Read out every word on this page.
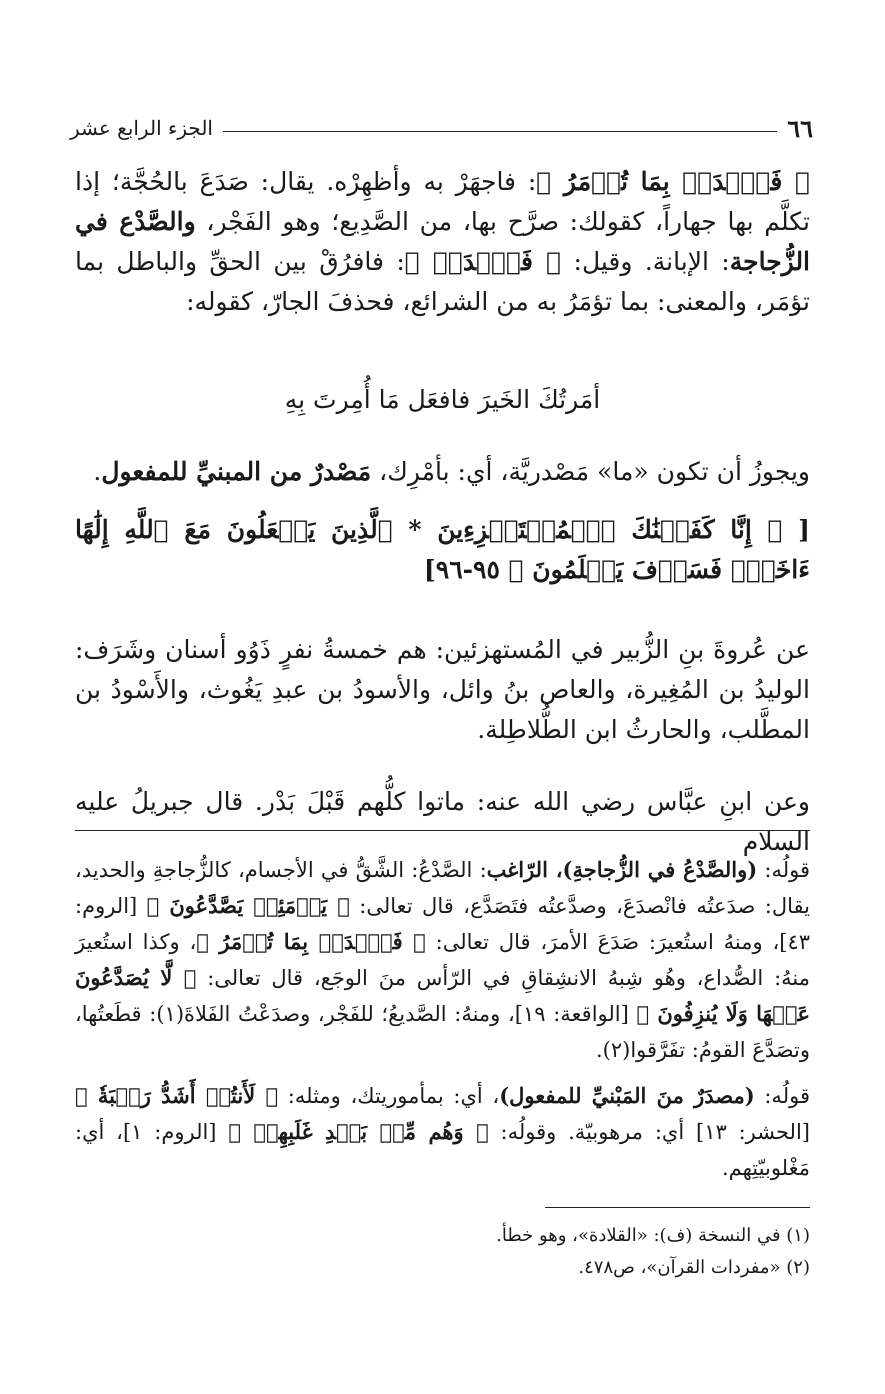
٦٦
الجزء الرابع عشر

﴿ فَٱصۡدَعۡ بِمَا تُؤۡمَرُ ﴾: فاجهَرْ به وأظهِرْه. يقال: صَدَعَ بالحُجَّة؛ إذا تكلَّم بها جهاراً، كقولك: صرَّح بها، من الصَّدِيع؛ وهو الفَجْر، والصَّدْع في الزُّجاجة: الإبانة. وقيل: ﴿ فَٱصۡدَعۡ ﴾: فافرُقْ بين الحقِّ والباطل بما تؤمَر، والمعنى: بما تؤمَرُ به من الشرائع، فحذفَ الجارّ، كقوله:

أمَرتُكَ الخَيرَ فافعَل مَا أُمِرتَ بِهِ
ويجوزُ أن تكون «ما» مَصْدريَّة، أي: بأمْرِك، مَصْدرٌ من المبنيِّ للمفعول.
[ ﴿ إِنَّا كَفَيۡنَٰكَ ٱلۡمُسۡتَهۡزِءِينَ * ٱلَّذِينَ يَجۡعَلُونَ مَعَ ٱللَّهِ إِلَٰهًا ءَاخَرَۚ فَسَوۡفَ يَعۡلَمُونَ ﴾ ٩٥-٩٦]
عن عُروةَ بنِ الزُّبير في المُستهزئين: هم خمسةُ نفرٍ ذَوُو أسنان وشَرَف: الوليدُ بن المُغِيرة، والعاص بنُ وائل، والأسودُ بن عبدِ يَغُوث، والأَسْودُ بن المطَّلب، والحارثُ ابن الطُّلاطِلة.
وعن ابنِ عبَّاس رضي الله عنه: ماتوا كلُّهم قَبْلَ بَدْر. قال جبريلُ عليه السلام

قولُه: (والصَّدْعُ في الزُّجاجةِ)، الرّاغب: الصَّدْعُ: الشَّقُّ في الأجسام، كالزُّجاجةِ والحديد، يقال: صدَعتُه فانْصدَعَ، وصدَّعتُه فتَصَدَّع، قال تعالى: ﴿ يَوۡمَئِذٖ يَصَّدَّعُونَ ﴾ [الروم: ٤٣]، ومنهُ استُعيرَ: صَدَعَ الأمرَ، قال تعالى: ﴿ فَٱصۡدَعۡ بِمَا تُؤۡمَرُ ﴾، وكذا استُعيرَ منهُ: الصُّداع، وهُو شِبهُ الانشِقاقِ في الرّأس منَ الوجَع، قال تعالى: ﴿ لَّا يُصَدَّعُونَ عَنۡهَا وَلَا يُنزِفُونَ ﴾ [الواقعة: ١٩]، ومنهُ: الصَّديعُ؛ للفَجْر، وصدَعْتُ الفَلاةَ(١): قطَعتُها، وتصَدَّعَ القومُ: تفَرَّقوا(٢).

قولُه: (مصدَرٌ منَ المَبْنيِّ للمفعول)، أي: بمأموريتك، ومثله: ﴿ لَأَنتُمۡ أَشَدُّ رَهۡبَةٗ ﴾ [الحشر: ١٣] أي: مرهوبيّة. وقولُه: ﴿ وَهُم مِّنۢ بَعۡدِ غَلَبِهِمۡ ﴾ [الروم: ١]، أي: مَغْلوبيّتِهم.

(١) في النسخة (ف): «القلادة»، وهو خطأ.

(٢) «مفردات القرآن»، ص٤٧٨.
